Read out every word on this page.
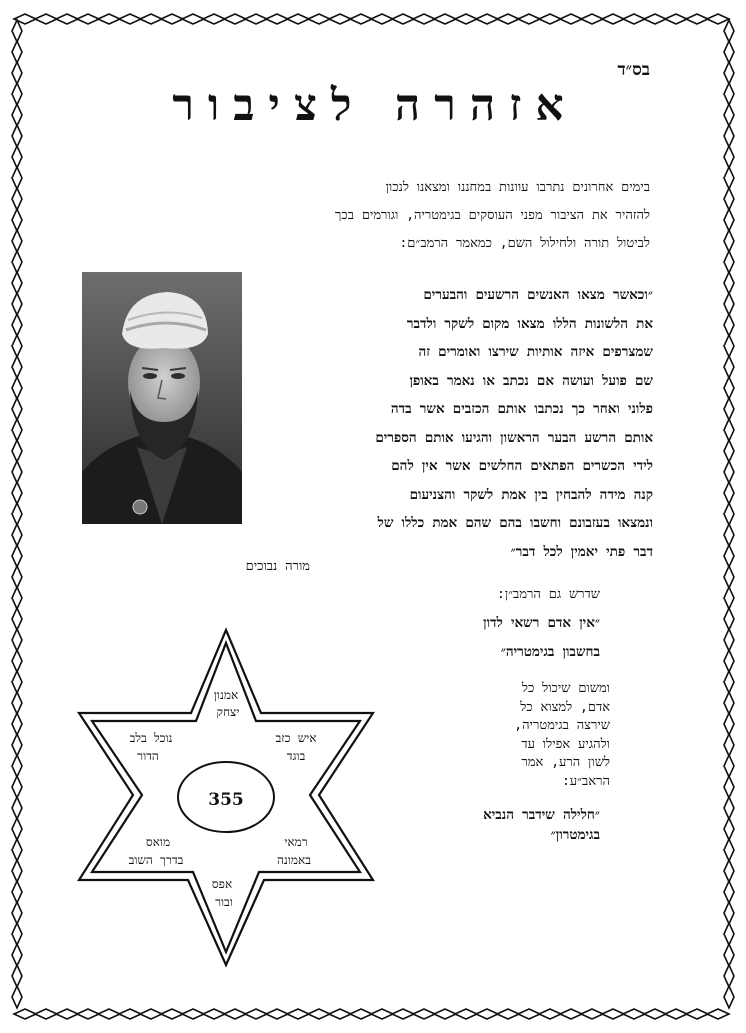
בס״ד
אזהרה לציבור
בימים אחרונים נתרבו עוונות במחננו ומצאנו לנכון
להזהיר את הציבור מפני העוסקים בגימטריה, וגורמים בכך
לביטול תורה ולחילול השם, כמאמר הרמב״ם:
״וכאשר מצאו האנשים הרשעים והבערים
את הלשונות הללו מצאו מקום לשקר ולדבר
שמצרפים איזה אותיות שירצו ואומרים זה
שם פועל ועושה אם נכתב או נאמר באופן
פלוני ואחר כך נכתבו אותם הכזבים אשר בדה
אותם הרשע הבער הראשון והגיעו אותם הספרים
לידי הכשרים הפתאים החלשים אשר אין להם
קנה מידה להבחין בין אמת לשקר והצניעום
ונמצאו בעזבונם וחשבו בהם שהם אמת כללו של
דבר פתי יאמין לכל דבר״
מורה נבוכים
שדרש גם הרמב״ן:
״אין אדם רשאי לדון
בחשבון בגימטריה״
ומשום שיכול כל
אדם, למצוא כל
שירצה בגימטריה,
ולהגיע אפילו עד
לשון הרע, אמר
הראב״ע:
״חלילה שידבר הנביא
בגימטרון״
355
אמנון
יצחק
נוכל בלב
הדור
איש כזב
בוגד
מואס
בדרך השוב
רמאי
באמונה
אפס
ובור
